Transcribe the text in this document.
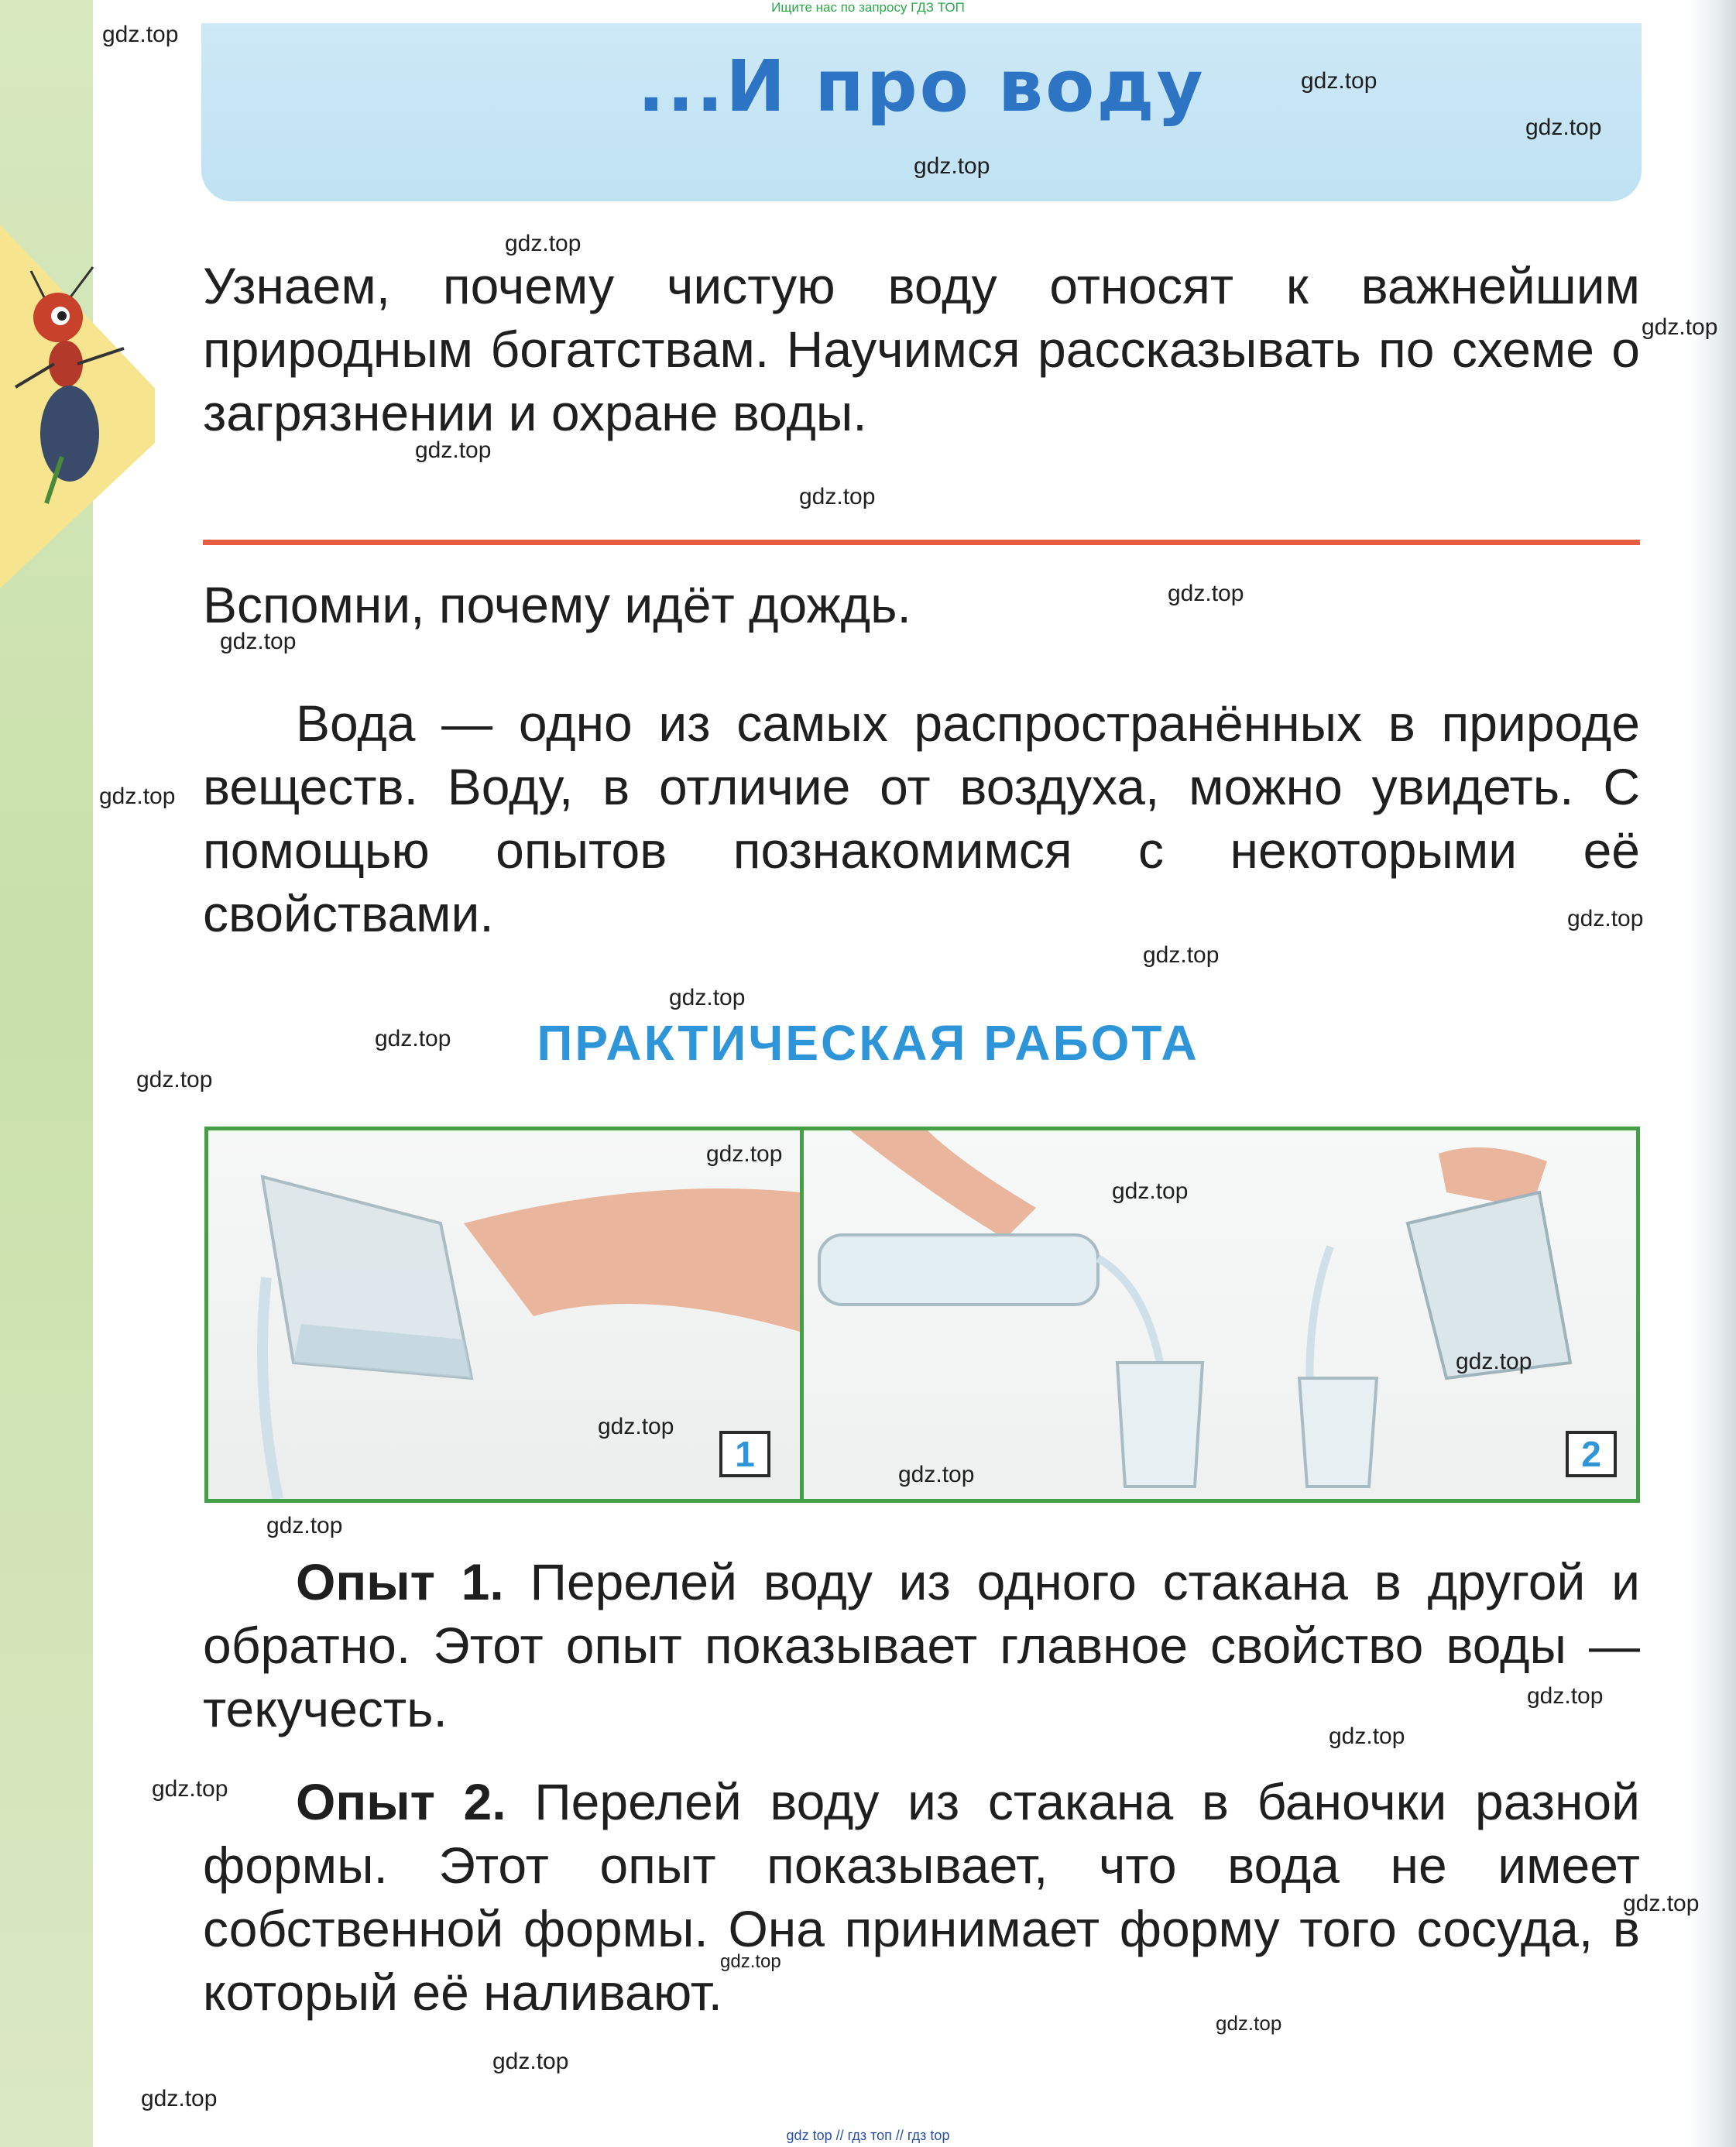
Ищите нас по запросу ГДЗ ТОП
...И про воду
Узнаем, почему чистую воду относят к важнейшим природным богатствам. Научимся рассказывать по схеме о загрязнении и охране воды.
Вспомни, почему идёт дождь.
Вода — одно из самых распространённых в природе веществ. Воду, в отличие от воздуха, можно увидеть. С помощью опытов познакомимся с некоторыми её свойствами.
ПРАКТИЧЕСКАЯ РАБОТА
1	2
Опыт 1. Перелей воду из одного стакана в другой и обратно. Этот опыт показывает главное свойство воды — текучесть.
Опыт 2. Перелей воду из стакана в баночки разной формы. Этот опыт показывает, что вода не имеет собственной формы. Она принимает форму того сосуда, в который её наливают.
gdz.top
gdz.top
gdz.top
gdz.top
gdz.top
gdz.top
gdz.top
gdz.top
gdz.top
gdz.top
gdz.top
gdz.top
gdz.top
gdz.top
gdz.top
gdz.top
gdz.top
gdz.top
gdz.top
gdz.top
gdz.top
gdz.top
gdz.top
gdz.top
gdz.top
gdz.top
gdz.top
gdz.top
gdz.top
gdz.top
gdz top // гдз топ // гдз top
